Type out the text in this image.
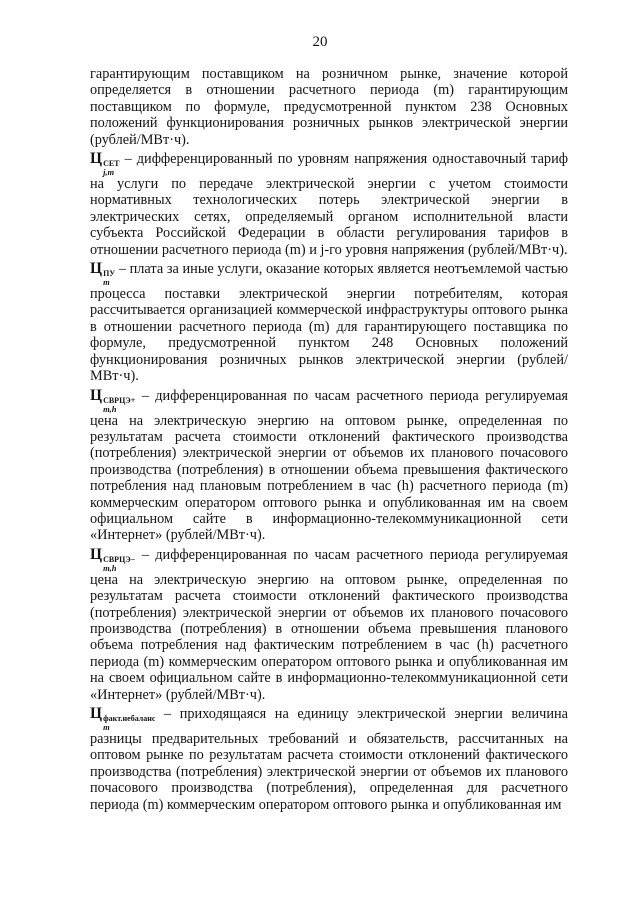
20

гарантирующим поставщиком на розничном рынке, значение которой определяется в отношении расчетного периода (m) гарантирующим поставщиком по формуле, предусмотренной пунктом 238 Основных положений функционирования розничных рынков электрической энергии (рублей/МВт·ч).

Ц СЕТ
j,m
– дифференцированный по уровням напряжения одноставочный тариф на услуги по передаче электрической энергии с учетом стоимости нормативных технологических потерь электрической энергии в электрических сетях, определяемый органом исполнительной власти субъекта Российской Федерации в области регулирования тарифов в отношении расчетного периода (m) и j-го уровня напряжения (рублей/МВт·ч).

Ц ПУ
m
– плата за иные услуги, оказание которых является неотъемлемой частью процесса поставки электрической энергии потребителям, которая рассчитывается организацией коммерческой инфраструктуры оптового рынка в отношении расчетного периода (m) для гарантирующего поставщика по формуле, предусмотренной пунктом 248 Основных положений функционирования розничных рынков электрической энергии (рублей/МВт·ч).

Ц СВРЦЭ+
m,h
– дифференцированная по часам расчетного периода регулируемая цена на электрическую энергию на оптовом рынке, определенная по результатам расчета стоимости отклонений фактического производства (потребления) электрической энергии от объемов их планового почасового производства (потребления) в отношении объема превышения фактического потребления над плановым потреблением в час (h) расчетного периода (m) коммерческим оператором оптового рынка и опубликованная им на своем официальном сайте в информационно-телекоммуникационной сети «Интернет» (рублей/МВт·ч).

Ц СВРЦЭ−
m,h
– дифференцированная по часам расчетного периода регулируемая цена на электрическую энергию на оптовом рынке, определенная по результатам расчета стоимости отклонений фактического производства (потребления) электрической энергии от объемов их планового почасового производства (потребления) в отношении объема превышения планового объема потребления над фактическим потреблением в час (h) расчетного периода (m) коммерческим оператором оптового рынка и опубликованная им на своем официальном сайте в информационно-телекоммуникационной сети «Интернет» (рублей/МВт·ч).

Ц факт.небаланс
m
– приходящаяся на единицу электрической энергии величина разницы предварительных требований и обязательств, рассчитанных на оптовом рынке по результатам расчета стоимости отклонений фактического производства (потребления) электрической энергии от объемов их планового почасового производства (потребления), определенная для расчетного периода (m) коммерческим оператором оптового рынка и опубликованная им
